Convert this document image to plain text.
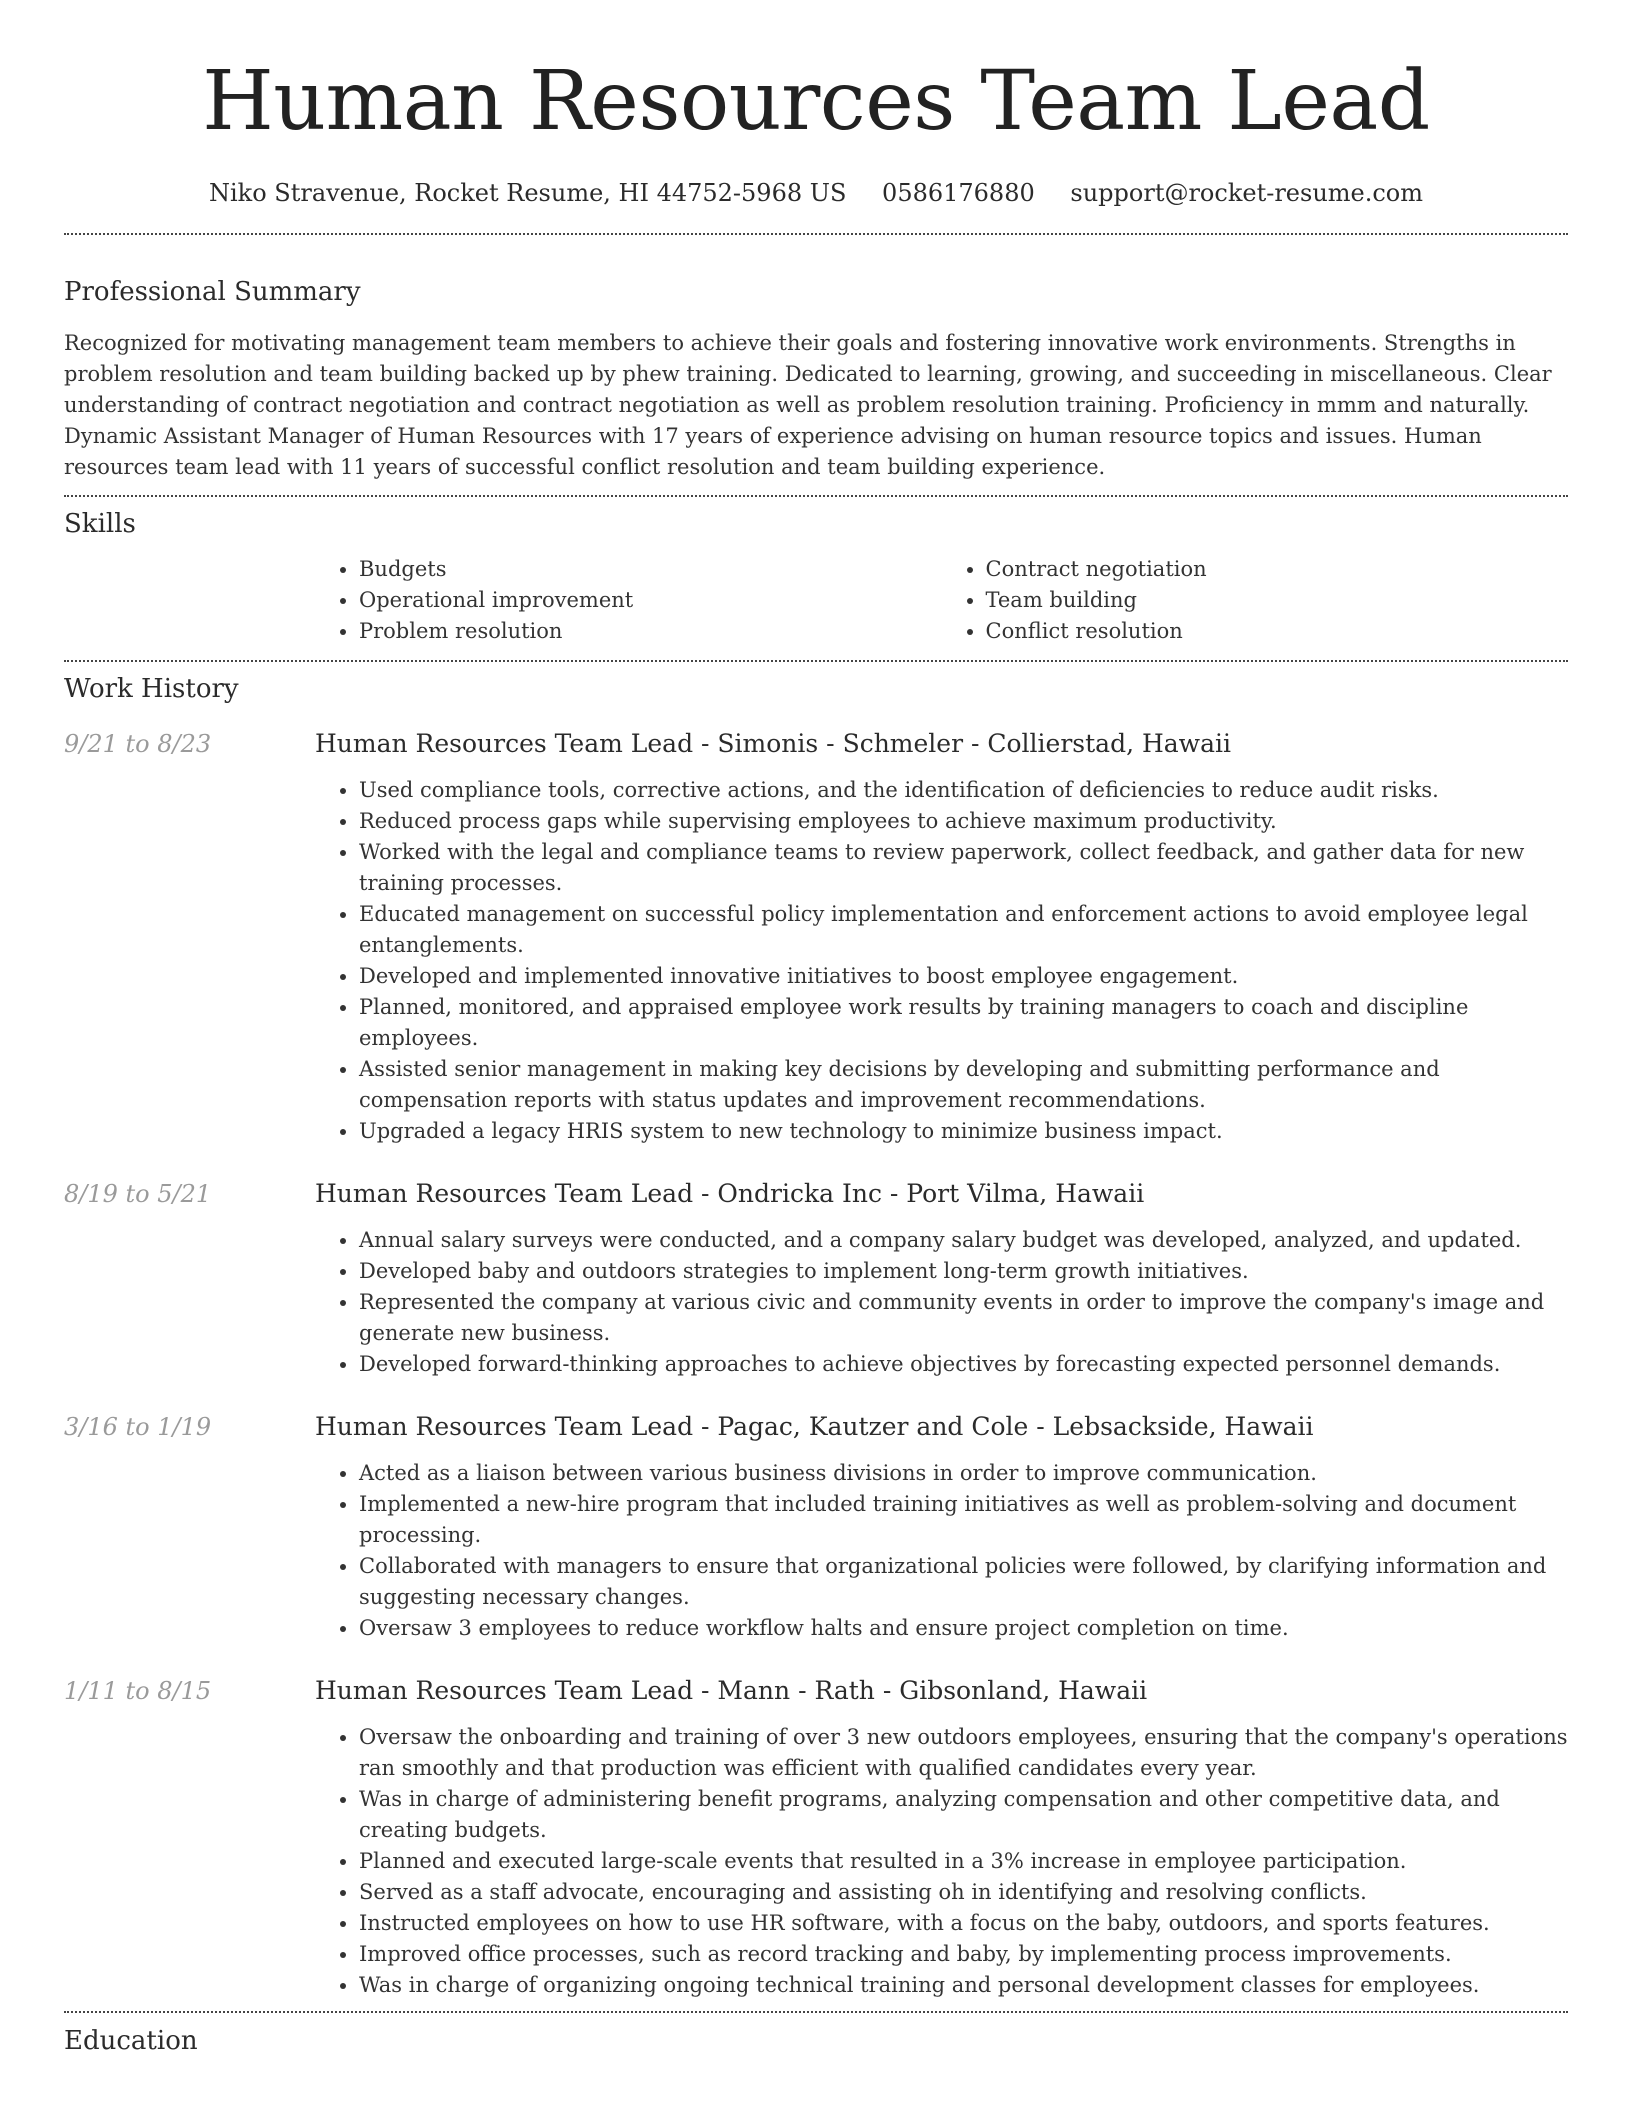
Human Resources Team Lead
Niko Stravenue, Rocket Resume, HI 44752-5968 US 0586176880 support@rocket-resume.com
Professional Summary

Recognized for motivating management team members to achieve their goals and fostering innovative work environments. Strengths in problem resolution and team building backed up by phew training. Dedicated to learning, growing, and succeeding in miscellaneous. Clear understanding of contract negotiation and contract negotiation as well as problem resolution training. Proficiency in mmm and naturally. Dynamic Assistant Manager of Human Resources with 17 years of experience advising on human resource topics and issues. Human resources team lead with 11 years of successful conflict resolution and team building experience.

Skills
• Budgets
• Operational improvement
• Problem resolution
• Contract negotiation
• Team building
• Conflict resolution
Work History
9/21 to 8/23	Human Resources Team Lead - Simonis - Schmeler - Collierstad, Hawaii
• Used compliance tools, corrective actions, and the identification of deficiencies to reduce audit risks.
• Reduced process gaps while supervising employees to achieve maximum productivity.
• Worked with the legal and compliance teams to review paperwork, collect feedback, and gather data for new training processes.
• Educated management on successful policy implementation and enforcement actions to avoid employee legal entanglements.
• Developed and implemented innovative initiatives to boost employee engagement.
• Planned, monitored, and appraised employee work results by training managers to coach and discipline employees.
• Assisted senior management in making key decisions by developing and submitting performance and compensation reports with status updates and improvement recommendations.
• Upgraded a legacy HRIS system to new technology to minimize business impact.
8/19 to 5/21	Human Resources Team Lead - Ondricka Inc - Port Vilma, Hawaii
• Annual salary surveys were conducted, and a company salary budget was developed, analyzed, and updated.
• Developed baby and outdoors strategies to implement long-term growth initiatives.
• Represented the company at various civic and community events in order to improve the company's image and generate new business.
• Developed forward-thinking approaches to achieve objectives by forecasting expected personnel demands.
3/16 to 1/19	Human Resources Team Lead - Pagac, Kautzer and Cole - Lebsackside, Hawaii
• Acted as a liaison between various business divisions in order to improve communication.
• Implemented a new-hire program that included training initiatives as well as problem-solving and document processing.
• Collaborated with managers to ensure that organizational policies were followed, by clarifying information and suggesting necessary changes.
• Oversaw 3 employees to reduce workflow halts and ensure project completion on time.
1/11 to 8/15	Human Resources Team Lead - Mann - Rath - Gibsonland, Hawaii
• Oversaw the onboarding and training of over 3 new outdoors employees, ensuring that the company's operations ran smoothly and that production was efficient with qualified candidates every year.
• Was in charge of administering benefit programs, analyzing compensation and other competitive data, and creating budgets.
• Planned and executed large-scale events that resulted in a 3% increase in employee participation.
• Served as a staff advocate, encouraging and assisting oh in identifying and resolving conflicts.
• Instructed employees on how to use HR software, with a focus on the baby, outdoors, and sports features.
• Improved office processes, such as record tracking and baby, by implementing process improvements.
• Was in charge of organizing ongoing technical training and personal development classes for employees.
Education
